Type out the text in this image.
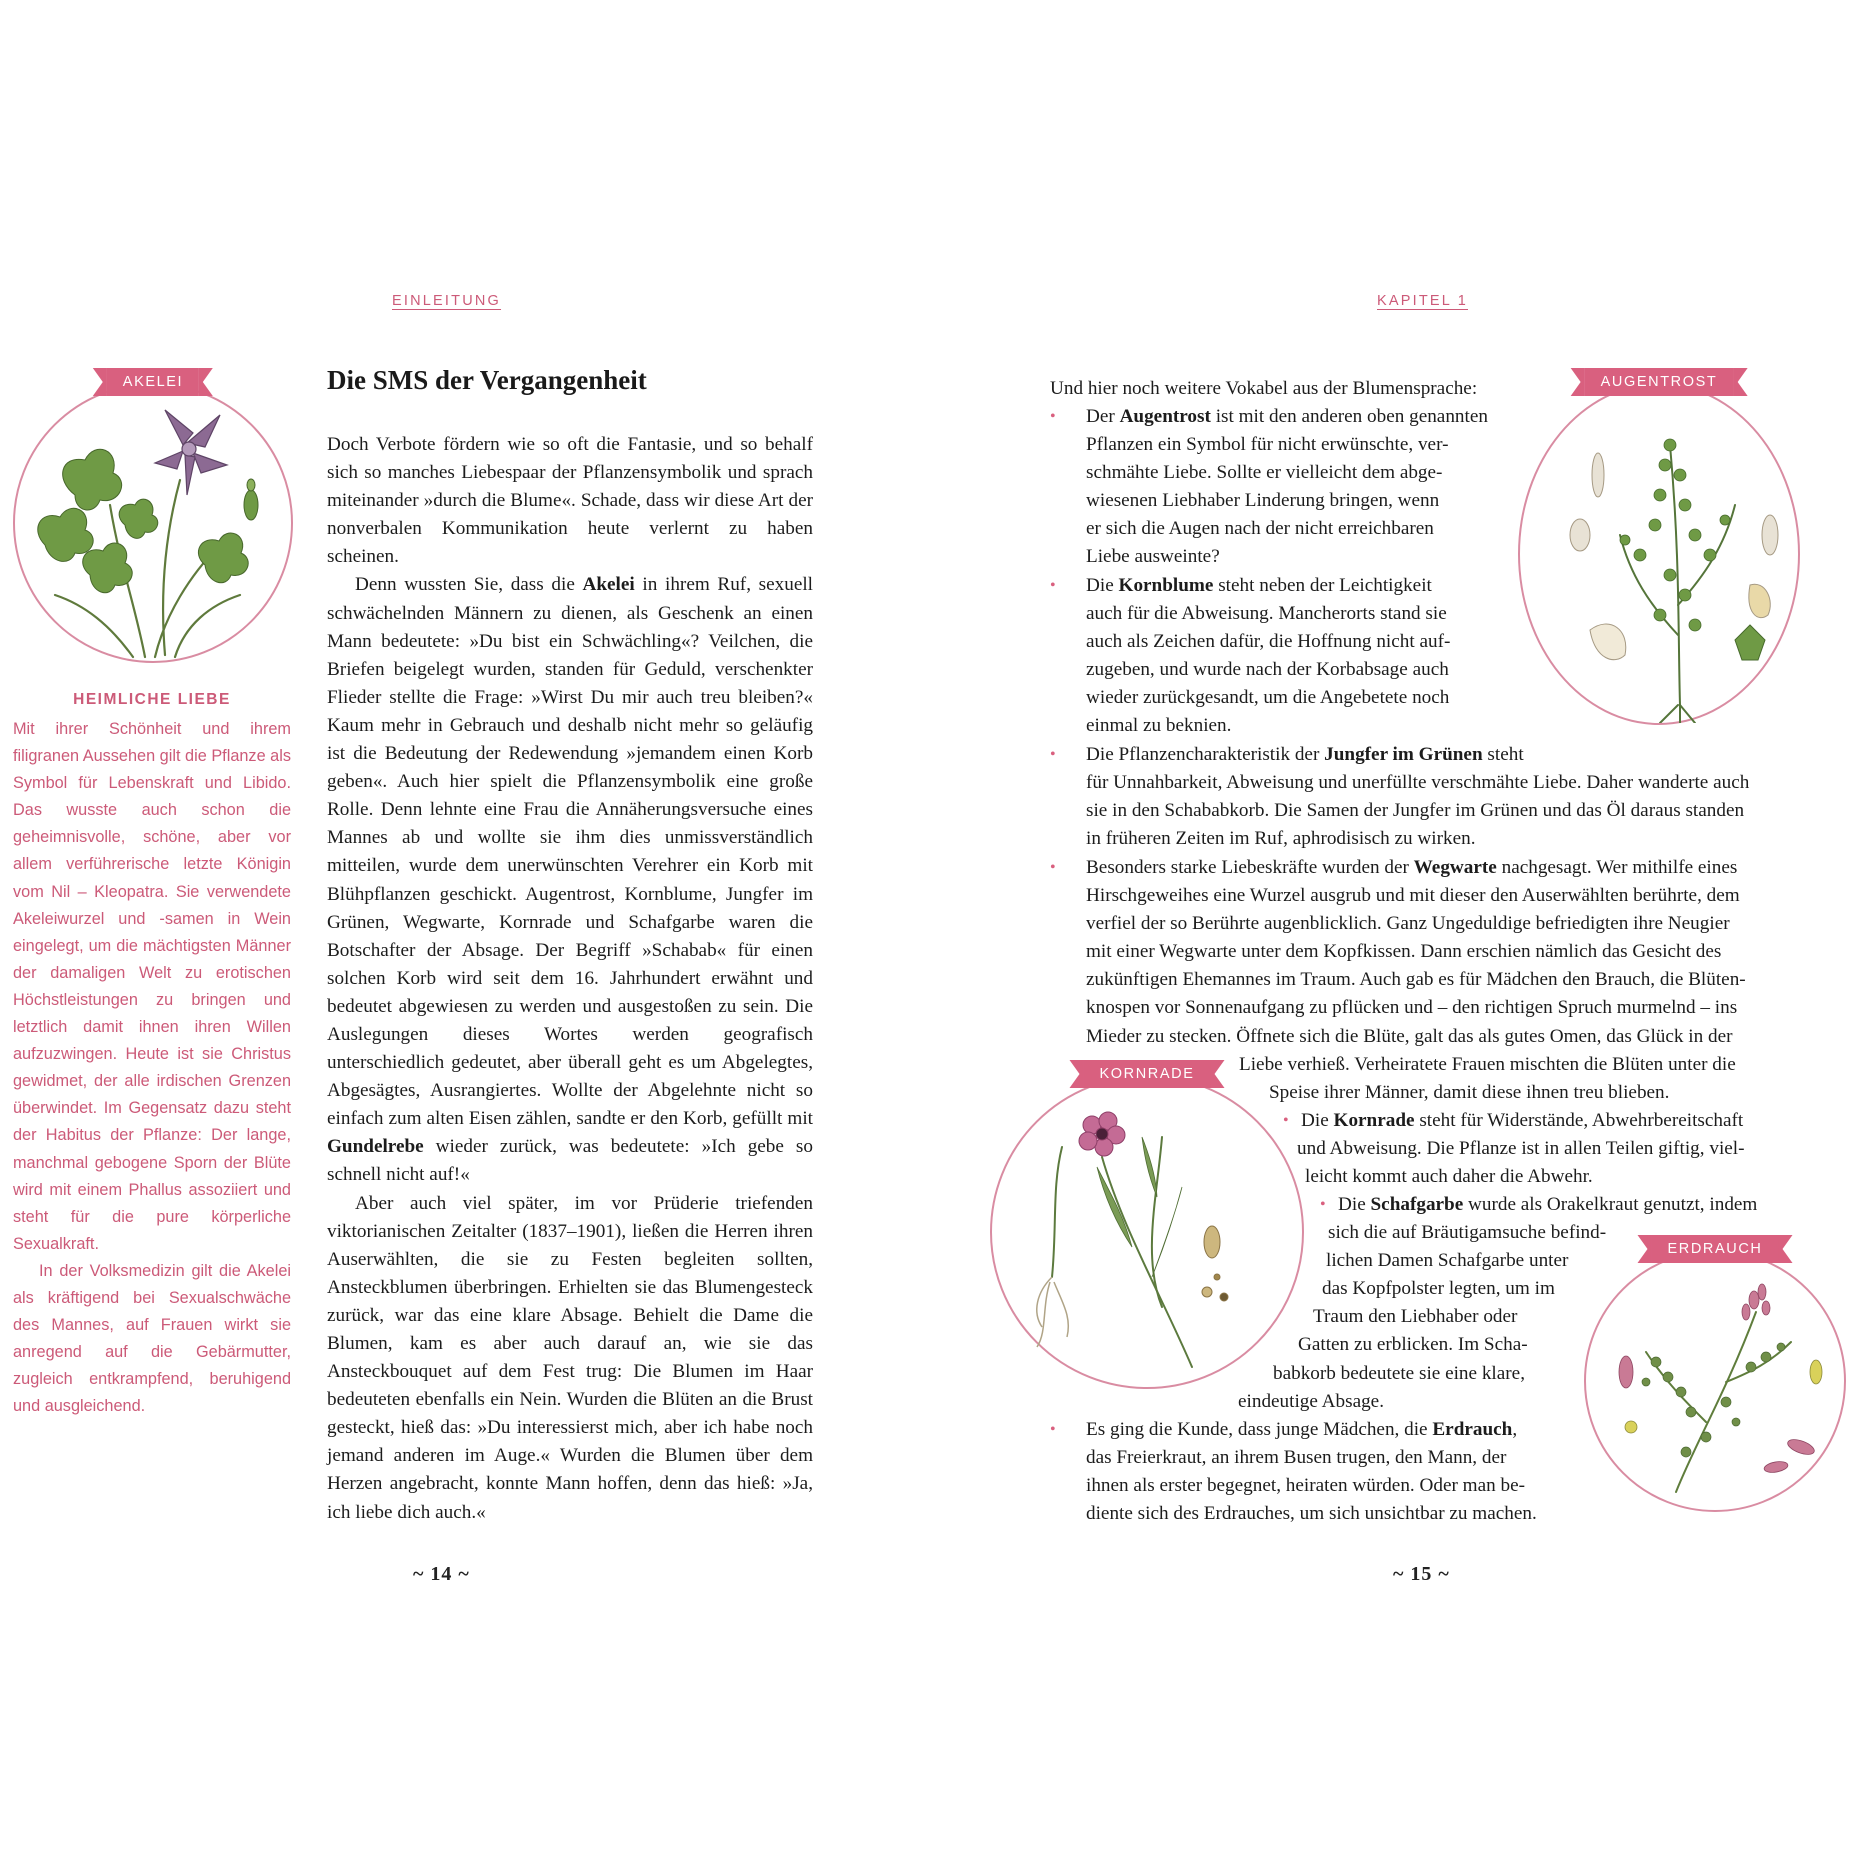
EINLEITUNG
AKELEI
HEIMLICHE LIEBE

Mit ihrer Schönheit und ihrem filigranen Aussehen gilt die Pflanze als Symbol für Lebenskraft und Libido. Das wusste auch schon die geheimnisvolle, schöne, aber vor allem verführerische letzte Königin vom Nil – Kleopatra. Sie verwendete Akeleiwurzel und -samen in Wein eingelegt, um die mächtigsten Männer der damaligen Welt zu erotischen Höchstleistungen zu bringen und letztlich damit ihnen ihren Willen aufzuzwingen. Heute ist sie Christus gewidmet, der alle irdischen Grenzen überwindet. Im Gegensatz dazu steht der Habitus der Pflanze: Der lange, manchmal gebogene Sporn der Blüte wird mit einem Phallus assoziiert und steht für die pure körperliche Sexualkraft.

In der Volksmedizin gilt die Akelei als kräftigend bei Sexualschwäche des Mannes, auf Frauen wirkt sie anregend auf die Gebärmutter, zugleich entkrampfend, beruhigend und ausgleichend.

Die SMS der Vergangenheit

Doch Verbote fördern wie so oft die Fantasie, und so behalf sich so manches Liebespaar der Pflanzensymbolik und sprach miteinander »durch die Blume«. Schade, dass wir diese Art der nonverbalen Kommunikation heute verlernt zu haben scheinen.

Denn wussten Sie, dass die Akelei in ihrem Ruf, sexuell schwächelnden Männern zu dienen, als Geschenk an einen Mann bedeutete: »Du bist ein Schwächling«? Veilchen, die Briefen beigelegt wurden, standen für Geduld, verschenkter Flieder stellte die Frage: »Wirst Du mir auch treu bleiben?« Kaum mehr in Gebrauch und deshalb nicht mehr so geläufig ist die Bedeutung der Redewendung »jemandem einen Korb geben«. Auch hier spielt die Pflanzensymbolik eine große Rolle. Denn lehnte eine Frau die Annäherungsversuche eines Mannes ab und wollte sie ihm dies unmissverständlich mitteilen, wurde dem unerwünschten Verehrer ein Korb mit Blühpflanzen geschickt. Augentrost, Kornblume, Jungfer im Grünen, Wegwarte, Kornrade und Schafgarbe waren die Botschafter der Absage. Der Begriff »Schabab« für einen solchen Korb wird seit dem 16. Jahrhundert erwähnt und bedeutet abgewiesen zu werden und ausgestoßen zu sein. Die Auslegungen dieses Wortes werden geografisch unterschiedlich gedeutet, aber überall geht es um Abgelegtes, Abgesägtes, Ausrangiertes. Wollte der Abgelehnte nicht so einfach zum alten Eisen zählen, sandte er den Korb, gefüllt mit Gundelrebe wieder zurück, was bedeutete: »Ich gebe so schnell nicht auf!«

Aber auch viel später, im vor Prüderie triefenden viktorianischen Zeitalter (1837–1901), ließen die Herren ihren Auserwählten, die sie zu Festen begleiten sollten, Ansteckblumen überbringen. Erhielten sie das Blumengesteck zurück, war das eine klare Absage. Behielt die Dame die Blumen, kam es aber auch darauf an, wie sie das Ansteckbouquet auf dem Fest trug: Die Blumen im Haar bedeuteten ebenfalls ein Nein. Wurden die Blüten an die Brust gesteckt, hieß das: »Du interessierst mich, aber ich habe noch jemand anderen im Auge.« Wurden die Blumen über dem Herzen angebracht, konnte Mann hoffen, denn das hieß: »Ja, ich liebe dich auch.«

~ 14 ~
KAPITEL 1
AUGENTROST
KORNRADE
ERDRAUCH
Und hier noch weitere Vokabel aus der Blumensprache:
• Der Augentrost ist mit den anderen oben genannten
Pflanzen ein Symbol für nicht erwünschte, ver-
schmähte Liebe. Sollte er vielleicht dem abge-
wiesenen Liebhaber Linderung bringen, wenn
er sich die Augen nach der nicht erreichbaren
Liebe ausweinte?
• Die Kornblume steht neben der Leichtigkeit
auch für die Abweisung. Mancherorts stand sie
auch als Zeichen dafür, die Hoffnung nicht auf-
zugeben, und wurde nach der Korbabsage auch
wieder zurückgesandt, um die Angebetete noch
einmal zu beknien.
• Die Pflanzencharakteristik der Jungfer im Grünen steht
für Unnahbarkeit, Abweisung und unerfüllte verschmähte Liebe. Daher wanderte auch
sie in den Schababkorb. Die Samen der Jungfer im Grünen und das Öl daraus standen
in früheren Zeiten im Ruf, aphrodisisch zu wirken.
• Besonders starke Liebeskräfte wurden der Wegwarte nachgesagt. Wer mithilfe eines
Hirschgeweihes eine Wurzel ausgrub und mit dieser den Auserwählten berührte, dem
verfiel der so Berührte augenblicklich. Ganz Ungeduldige befriedigten ihre Neugier
mit einer Wegwarte unter dem Kopfkissen. Dann erschien nämlich das Gesicht des
zukünftigen Ehemannes im Traum. Auch gab es für Mädchen den Brauch, die Blüten-
knospen vor Sonnenaufgang zu pflücken und – den richtigen Spruch murmelnd – ins
Mieder zu stecken. Öffnete sich die Blüte, galt das als gutes Omen, das Glück in der
Liebe verhieß. Verheiratete Frauen mischten die Blüten unter die
Speise ihrer Männer, damit diese ihnen treu blieben.
• Die Kornrade steht für Widerstände, Abwehrbereitschaft
und Abweisung. Die Pflanze ist in allen Teilen giftig, viel-
leicht kommt auch daher die Abwehr.
• Die Schafgarbe wurde als Orakelkraut genutzt, indem
sich die auf Bräutigamsuche befind-
lichen Damen Schafgarbe unter
das Kopfpolster legten, um im
Traum den Liebhaber oder
Gatten zu erblicken. Im Scha-
babkorb bedeutete sie eine klare,
eindeutige Absage.
• Es ging die Kunde, dass junge Mädchen, die Erdrauch,
das Freierkraut, an ihrem Busen trugen, den Mann, der
ihnen als erster begegnet, heiraten würden. Oder man be-
diente sich des Erdrauches, um sich unsichtbar zu machen.
~ 15 ~
